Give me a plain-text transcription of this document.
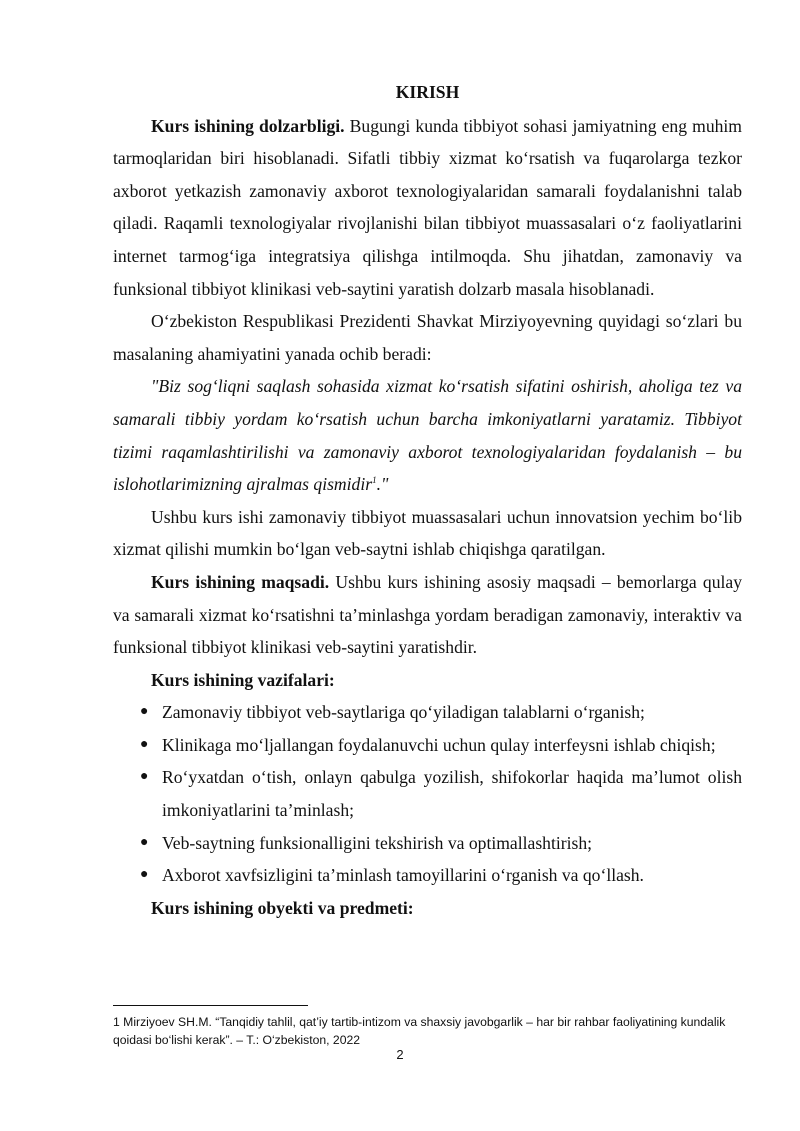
KIRISH

Kurs ishining dolzarbligi. Bugungi kunda tibbiyot sohasi jamiyatning eng muhim tarmoqlaridan biri hisoblanadi. Sifatli tibbiy xizmat ko‘rsatish va fuqarolarga tezkor axborot yetkazish zamonaviy axborot texnologiyalaridan samarali foydalanishni talab qiladi. Raqamli texnologiyalar rivojlanishi bilan tibbiyot muassasalari o‘z faoliyatlarini internet tarmog‘iga integratsiya qilishga intilmoqda. Shu jihatdan, zamonaviy va funksional tibbiyot klinikasi veb-saytini yaratish dolzarb masala hisoblanadi.

O‘zbekiston Respublikasi Prezidenti Shavkat Mirziyoyevning quyidagi so‘zlari bu masalaning ahamiyatini yanada ochib beradi:

"Biz sog‘liqni saqlash sohasida xizmat ko‘rsatish sifatini oshirish, aholiga tez va samarali tibbiy yordam ko‘rsatish uchun barcha imkoniyatlarni yaratamiz. Tibbiyot tizimi raqamlashtirilishi va zamonaviy axborot texnologiyalaridan foydalanish – bu islohotlarimizning ajralmas qismidir$^1$."

Ushbu kurs ishi zamonaviy tibbiyot muassasalari uchun innovatsion yechim bo‘lib xizmat qilishi mumkin bo‘lgan veb-saytni ishlab chiqishga qaratilgan.

Kurs ishining maqsadi. Ushbu kurs ishining asosiy maqsadi – bemorlarga qulay va samarali xizmat ko‘rsatishni ta’minlashga yordam beradigan zamonaviy, interaktiv va funksional tibbiyot klinikasi veb-saytini yaratishdir.

Kurs ishining vazifalari:
● Zamonaviy tibbiyot veb-saytlariga qo‘yiladigan talablarni o‘rganish;
● Klinikaga mo‘ljallangan foydalanuvchi uchun qulay interfeysni ishlab chiqish;
● Ro‘yxatdan o‘tish, onlayn qabulga yozilish, shifokorlar haqida ma’lumot olish imkoniyatlarini ta’minlash;
● Veb-saytning funksionalligini tekshirish va optimallashtirish;
● Axborot xavfsizligini ta’minlash tamoyillarini o‘rganish va qo‘llash.
Kurs ishining obyekti va predmeti:
1 Mirziyoev SH.M. “Tanqidiy tahlil, qat’iy tartib-intizom va shaxsiy javobgarlik – har bir rahbar faoliyatining kundalik qoidasi bo‘lishi kerak”. – T.: O‘zbekiston, 2022
2
